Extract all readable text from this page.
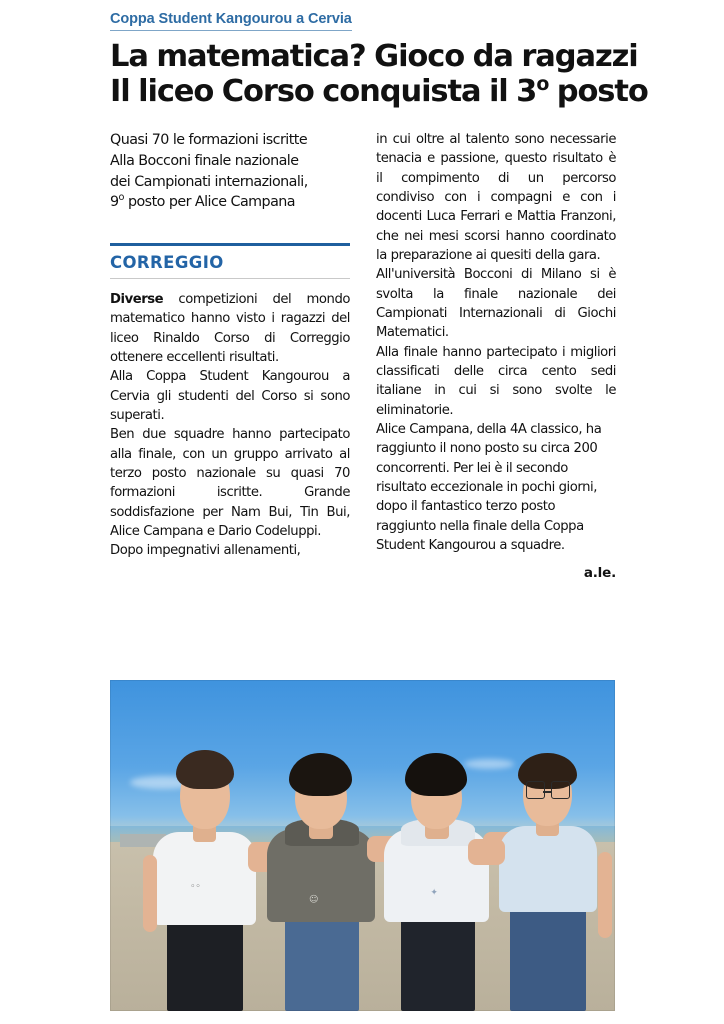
Coppa Student Kangourou a Cervia
La matematica? Gioco da ragazzi
Il liceo Corso conquista il 3$^o$ posto
Quasi 70 le formazioni iscritte
Alla Bocconi finale nazionale
dei Campionati internazionali,
9$^o$ posto per Alice Campana
CORREGGIO

Diverse competizioni del mondo matematico hanno visto i ragazzi del liceo Rinaldo Corso di Correggio ottenere eccellenti risultati.

Alla Coppa Student Kangourou a Cervia gli studenti del Corso si sono superati.

Ben due squadre hanno partecipato alla finale, con un gruppo arrivato al terzo posto nazionale su quasi 70 formazioni iscritte. Grande soddisfazione per Nam Bui, Tin Bui, Alice Campana e Dario Codeluppi.

Dopo impegnativi allenamenti,

in cui oltre al talento sono necessarie tenacia e passione, questo risultato è il compimento di un percorso condiviso con i compagni e con i docenti Luca Ferrari e Mattia Franzoni, che nei mesi scorsi hanno coordinato la preparazione ai quesiti della gara.

All'università Bocconi di Milano si è svolta la finale nazionale dei Campionati Internazionali di Giochi Matematici.

Alla finale hanno partecipato i migliori classificati delle circa cento sedi italiane in cui si sono svolte le eliminatorie.

Alice Campana, della 4A classico, ha raggiunto il nono posto su circa 200 concorrenti. Per lei è il secondo risultato eccezionale in pochi giorni, dopo il fantastico terzo posto raggiunto nella finale della Coppa Student Kangourou a squadre.

a.le.
◦◦
☺
✦
